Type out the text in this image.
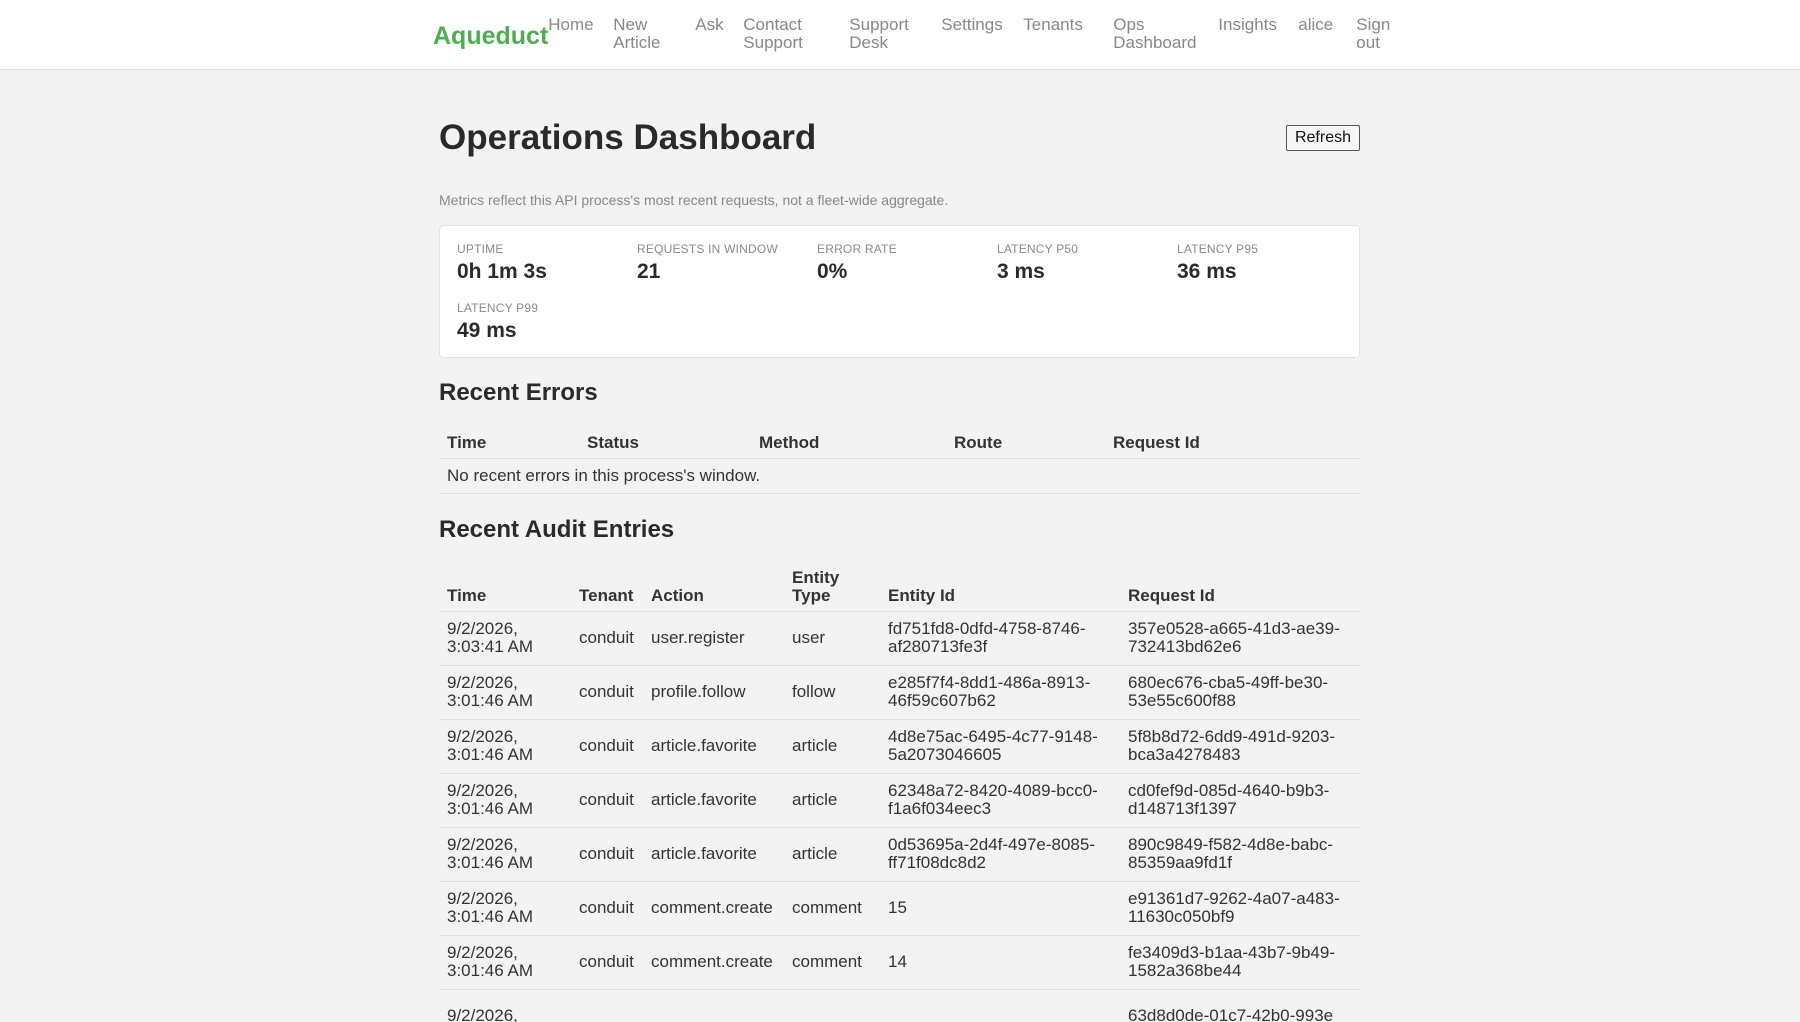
Aqueduct Home	New Article
Ask Contact Support
Support Desk
Settings Tenants	Ops Dashboard
Insights alice Sign out
Operations Dashboard	Refresh

Metrics reflect this API process's most recent requests, not a fleet-wide aggregate.

UPTIME
0h 1m 3s
REQUESTS IN WINDOW
21
ERROR RATE
0%
LATENCY P50
3 ms
LATENCY P95
36 ms
LATENCY P99
49 ms
Recent Errors
Time	Status	Method	Route	Request Id
No recent errors in this process's window.
Recent Audit Entries
Time	Tenant	Action	Entity Type	Entity Id	Request Id
9/2/2026, 3:03:41 AM	conduit	user.register	user	fd751fd8-0dfd-4758-8746-af280713fe3f	357e0528-a665-41d3-ae39-732413bd62e6
9/2/2026, 3:01:46 AM	conduit	profile.follow	follow	e285f7f4-8dd1-486a-8913-46f59c607b62	680ec676-cba5-49ff-be30-53e55c600f88
9/2/2026, 3:01:46 AM	conduit	article.favorite	article	4d8e75ac-6495-4c77-9148-5a2073046605	5f8b8d72-6dd9-491d-9203-bca3a4278483
9/2/2026, 3:01:46 AM	conduit	article.favorite	article	62348a72-8420-4089-bcc0-f1a6f034eec3	cd0fef9d-085d-4640-b9b3-d148713f1397
9/2/2026, 3:01:46 AM	conduit	article.favorite	article	0d53695a-2d4f-497e-8085-ff71f08dc8d2	890c9849-f582-4d8e-babc-85359aa9fd1f
9/2/2026, 3:01:46 AM	conduit	comment.create	comment	15	e91361d7-9262-4a07-a483-11630c050bf9
9/2/2026, 3:01:46 AM	conduit	comment.create	comment	14	fe3409d3-b1aa-43b7-9b49-1582a368be44
9/2/2026,					63d8d0de-01c7-42b0-993e
